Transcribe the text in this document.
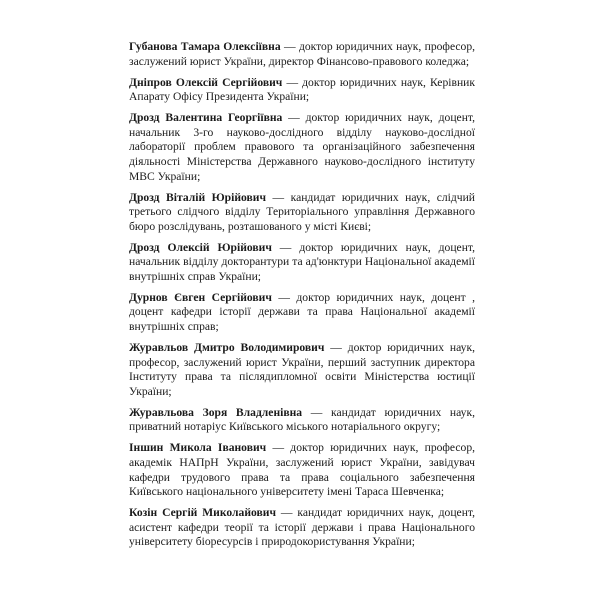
Губанова Тамара Олексіївна — доктор юридичних наук, професор, заслужений юрист України, директор Фінансово-правового коледжа;

Дніпров Олексій Сергійович — доктор юридичних наук, Керівник Апарату Офісу Президента України;

Дрозд Валентина Георгіївна — доктор юридичних наук, доцент, начальник 3-го науково-дослідного відділу науково-дослідної лабораторії проблем правового та організаційного забезпечення діяльності Міністерства Державного науково-дослідного інституту МВС України;

Дрозд Віталій Юрійович — кандидат юридичних наук, слідчий третього слідчого відділу Територіального управління Державного бюро розслідувань, розташованого у місті Києві;

Дрозд Олексій Юрійович — доктор юридичних наук, доцент, начальник відділу докторантури та ад'юнктури Національної академії внутрішніх справ України;

Дурнов Євген Сергійович — доктор юридичних наук, доцент , доцент кафедри історії держави та права Національної академії внутрішніх справ;

Журавльов Дмитро Володимирович — доктор юридичних наук, професор, заслужений юрист України, перший заступник директора Інституту права та післядипломної освіти Міністерства юстиції України;

Журавльова Зоря Владленівна — кандидат юридичних наук, приватний нотаріус Київського міського нотаріального округу;

Іншин Микола Іванович — доктор юридичних наук, професор, академік НАПрН України, заслужений юрист України, завідувач кафедри трудового права та права соціального забезпечення Київського національного університету імені Тараса Шевченка;

Козін Сергій Миколайович — кандидат юридичних наук, доцент, асистент кафедри теорії та історії держави і права Національного університету біоресурсів і природокористування України;
